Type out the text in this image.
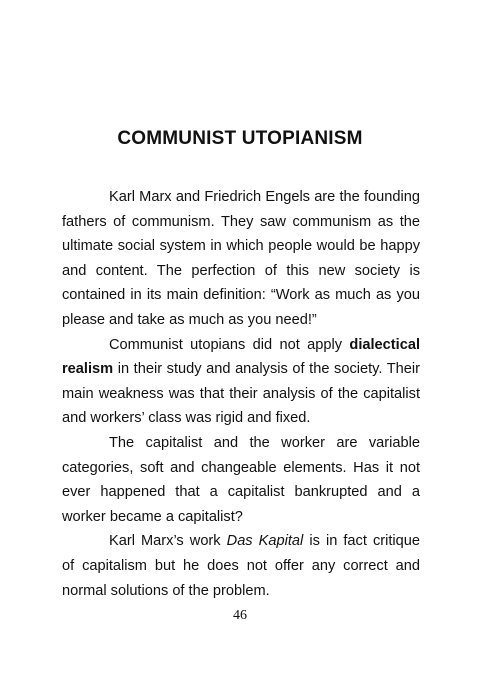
COMMUNIST UTOPIANISM

Karl Marx and Friedrich Engels are the founding fathers of communism. They saw communism as the ultimate social system in which people would be happy and content. The perfection of this new society is contained in its main definition: “Work as much as you please and take as much as you need!”

Communist utopians did not apply dialectical realism in their study and analysis of the society. Their main weakness was that their analysis of the capitalist and workers’ class was rigid and fixed.

The capitalist and the worker are variable categories, soft and changeable elements. Has it not ever happened that a capitalist bankrupted and a worker became a capitalist?

Karl Marx’s work Das Kapital is in fact critique of capitalism but he does not offer any correct and normal solutions of the problem.

46
